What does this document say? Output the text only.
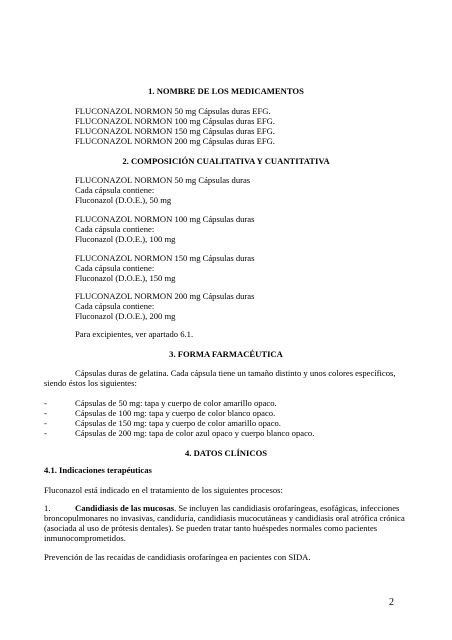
1. NOMBRE DE LOS MEDICAMENTOS
FLUCONAZOL NORMON 50 mg Cápsulas duras EFG.
FLUCONAZOL NORMON 100 mg Cápsulas duras EFG.
FLUCONAZOL NORMON 150 mg Cápsulas duras EFG.
FLUCONAZOL NORMON 200 mg Cápsulas duras EFG.
2. COMPOSICIÓN CUALITATIVA Y CUANTITATIVA
FLUCONAZOL NORMON 50 mg Cápsulas duras
Cada cápsula contiene:
Fluconazol (D.O.E.), 50 mg
FLUCONAZOL NORMON 100 mg Cápsulas duras
Cada cápsula contiene:
Fluconazol (D.O.E.), 100 mg
FLUCONAZOL NORMON 150 mg Cápsulas duras
Cada cápsula contiene:
Fluconazol (D.O.E.), 150 mg
FLUCONAZOL NORMON 200 mg Cápsulas duras
Cada cápsula contiene:
Fluconazol (D.O.E.), 200 mg
Para excipientes, ver apartado 6.1.
3. FORMA FARMACÉUTICA
Cápsulas duras de gelatina. Cada cápsula tiene un tamaño distinto y unos colores específicos,
siendo éstos los siguientes:
-	Cápsulas de 50 mg: tapa y cuerpo de color amarillo opaco.
-	Cápsulas de 100 mg: tapa y cuerpo de color blanco opaco.
-	Cápsulas de 150 mg: tapa y cuerpo de color amarillo opaco.
-	Cápsulas de 200 mg: tapa de color azul opaco y cuerpo blanco opaco.
4. DATOS CLÍNICOS
4.1. Indicaciones terapéuticas
Fluconazol está indicado en el tratamiento de los siguientes procesos:
1.	Candidiasis de las mucosas. Se incluyen las candidiasis orofaríngeas, esofágicas, infecciones
broncopulmonares no invasivas, candiduria, candidiasis mucocutáneas y candidiasis oral atrófica crónica
(asociada al uso de prótesis dentales). Se pueden tratar tanto huéspedes normales como pacientes
inmunocomprometidos.
Prevención de las recaídas de candidiasis orofaríngea en pacientes con SIDA.
2
